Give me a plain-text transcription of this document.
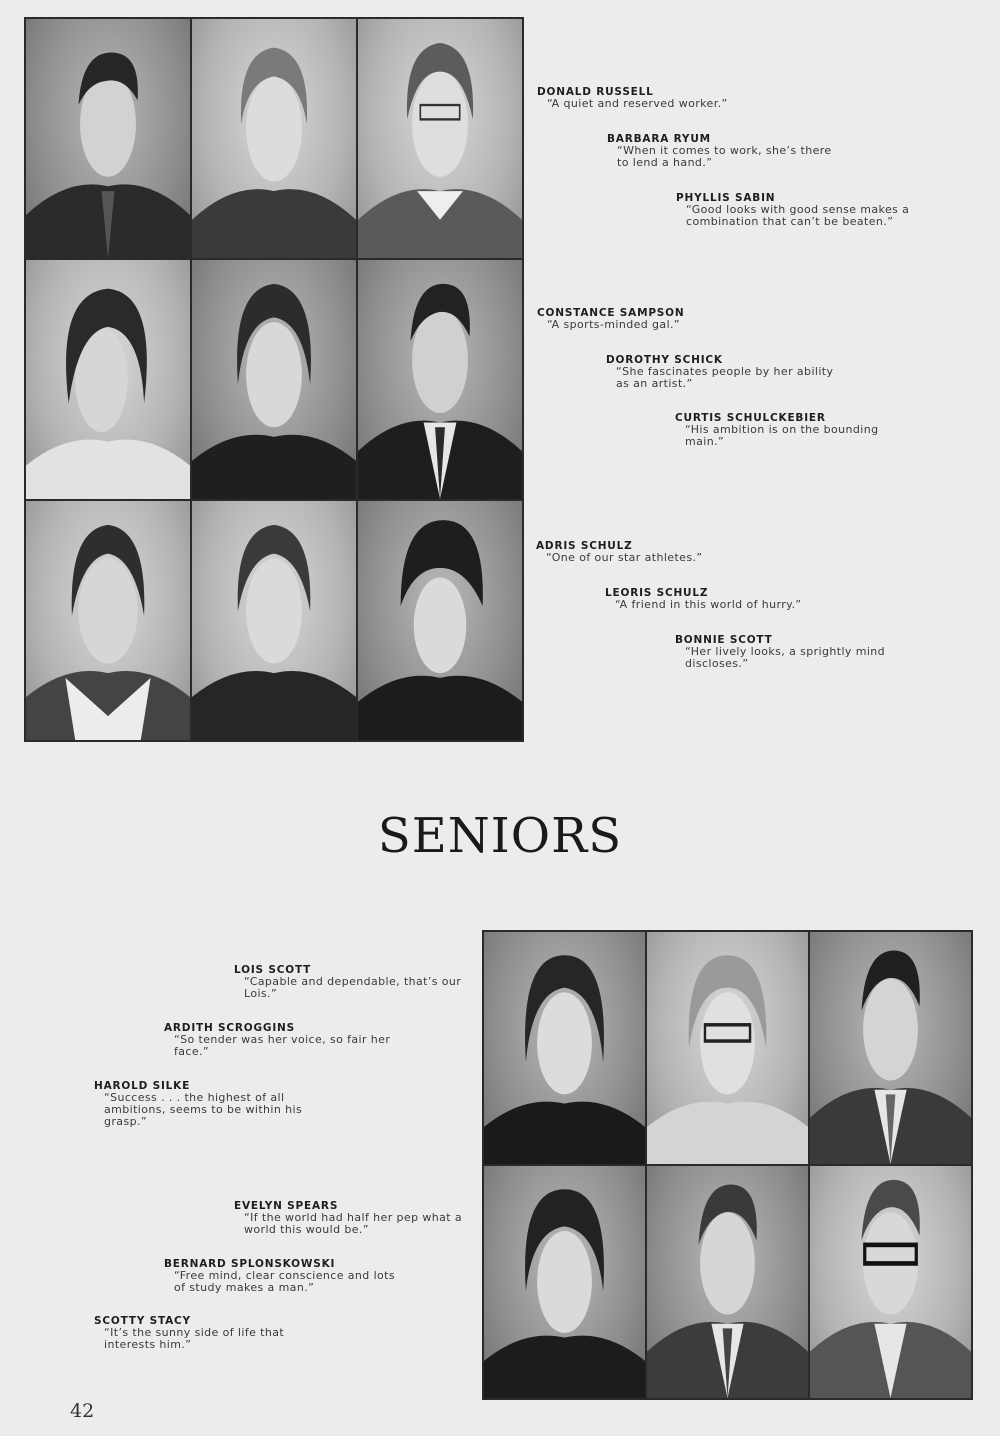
DONALD RUSSELL
“A quiet and reserved worker.”
BARBARA RYUM
“When it comes to work, she’s there to lend a hand.”
PHYLLIS SABIN
“Good looks with good sense makes a combination that can’t be beaten.”
CONSTANCE SAMPSON
“A sports-minded gal.”
DOROTHY SCHICK
“She fascinates people by her ability as an artist.”
CURTIS SCHULCKEBIER
“His ambition is on the bounding main.”
ADRIS SCHULZ
“One of our star athletes.”
LEORIS SCHULZ
“A friend in this world of hurry.”
BONNIE SCOTT
“Her lively looks, a sprightly mind discloses.”
SENIORS
LOIS SCOTT
“Capable and dependable, that’s our Lois.”
ARDITH SCROGGINS
“So tender was her voice, so fair her face.”
HAROLD SILKE
“Success . . . the highest of all ambitions, seems to be within his grasp.”
EVELYN SPEARS
“If the world had half her pep what a world this would be.”
BERNARD SPLONSKOWSKI
“Free mind, clear conscience and lots of study makes a man.”
SCOTTY STACY
“It’s the sunny side of life that interests him.”
42
